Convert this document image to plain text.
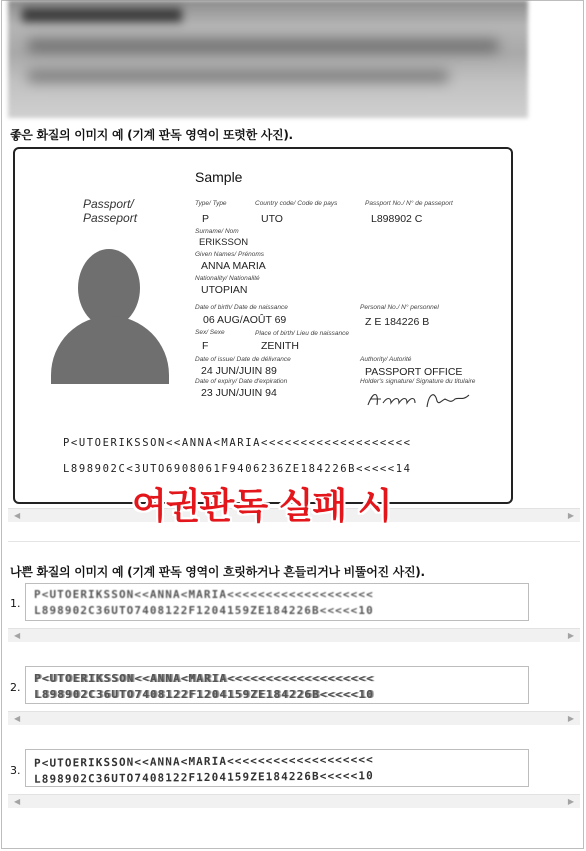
좋은 화질의 이미지 예 (기계 판독 영역이 또렷한 사진).
Sample
Passport/
Passeport
Type/ Type
P
Country code/ Code de pays
UTO
Passport No./ N° de passeport
L898902 C
Surname/ Nom
ERIKSSON
Given Names/ Prénoms
ANNA MARIA
Nationality/ Nationalité
UTOPIAN
Date of birth/ Date de naissance
06 AUG/AOÛT 69
Personal No./ N° personnel
Z E 184226 B
Sex/ Sexe
F
Place of birth/ Lieu de naissance
ZENITH
Date of issue/ Date de délivrance
24 JUN/JUIN 89
Authority/ Autorité
PASSPORT OFFICE
Date of expiry/ Date d'expiration
23 JUN/JUIN 94
Holder's signature/ Signature du titulaire
P<UTOERIKSSON<<ANNA<MARIA<<<<<<<<<<<<<<<<<<<
L898902C<3UTO6908061F9406236ZE184226B<<<<<14
◀	▶
여권판독 실패 시
나쁜 화질의 이미지 예 (기계 판독 영역이 흐릿하거나 흔들리거나 비뚤어진 사진).
1.
P<UTOERIKSSON<<ANNA<MARIA<<<<<<<<<<<<<<<<<<<
L898902C36UTO7408122F1204159ZE184226B<<<<<10
◀	▶
2.
P<UTOERIKSSON<<ANNA<MARIA<<<<<<<<<<<<<<<<<<<
L898902C36UTO7408122F1204159ZE184226B<<<<<10
◀	▶
3.
P<UTOERIKSSON<<ANNA<MARIA<<<<<<<<<<<<<<<<<<<
L898902C36UTO7408122F1204159ZE184226B<<<<<10
◀	▶
